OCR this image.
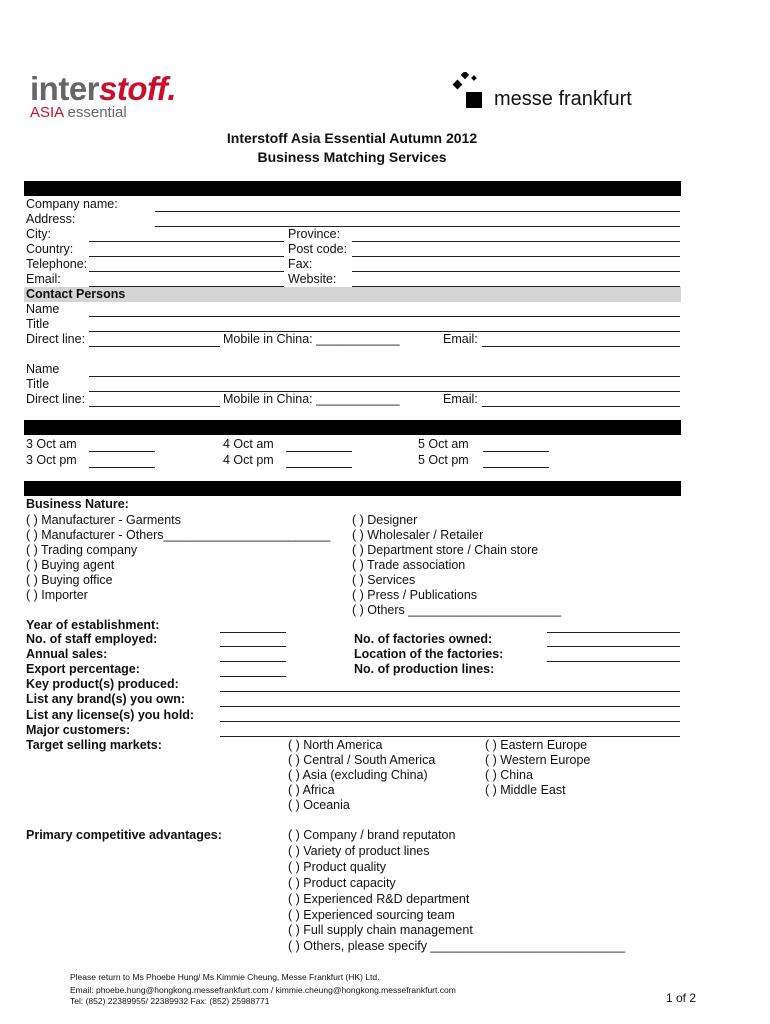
interstoff.
ASIA essential
messe frankfurt
Interstoff Asia Essential Autumn 2012
Business Matching Services
Company name:
Address:
City:	Province:
Country:	Post code:
Telephone:	Fax:
Email:	Website:
Contact Persons
Name
Title
Direct line:	Mobile in China: ____________	Email:
Name
Title
Direct line:	Mobile in China: ____________	Email:
3 Oct am	4 Oct am	5 Oct am
3 Oct pm	4 Oct pm	5 Oct pm
Business Nature:
( ) Manufacturer - Garments
( ) Manufacturer - Others________________________
( ) Trading company
( ) Buying agent
( ) Buying office
( ) Importer
( ) Designer
( ) Wholesaler / Retailer
( ) Department store / Chain store
( ) Trade association
( ) Services
( ) Press / Publications
( ) Others ______________________
Year of establishment:
No. of staff employed:	No. of factories owned:
Annual sales:	Location of the factories:
Export percentage:	No. of production lines:
Key product(s) produced:
List any brand(s) you own:
List any license(s) you hold:
Major customers:
Target selling markets:	( ) North America
( ) Central / South America
( ) Asia (excluding China)
( ) Africa
( ) Oceania
( ) Eastern Europe
( ) Western Europe
( ) China
( ) Middle East
Primary competitive advantages:	( ) Company / brand reputaton
( ) Variety of product lines
( ) Product quality
( ) Product capacity
( ) Experienced R&D department
( ) Experienced sourcing team
( ) Full supply chain management
( ) Others, please specify ____________________________
Please return to Ms Phoebe Hung/ Ms Kimmie Cheung, Messe Frankfurt (HK) Ltd.
Email: phoebe.hung@hongkong.messefrankfurt.com / kimmie.cheung@hongkong.messefrankfurt.com
Tel: (852) 22389955/ 22389932 Fax: (852) 25988771	1 of 2
